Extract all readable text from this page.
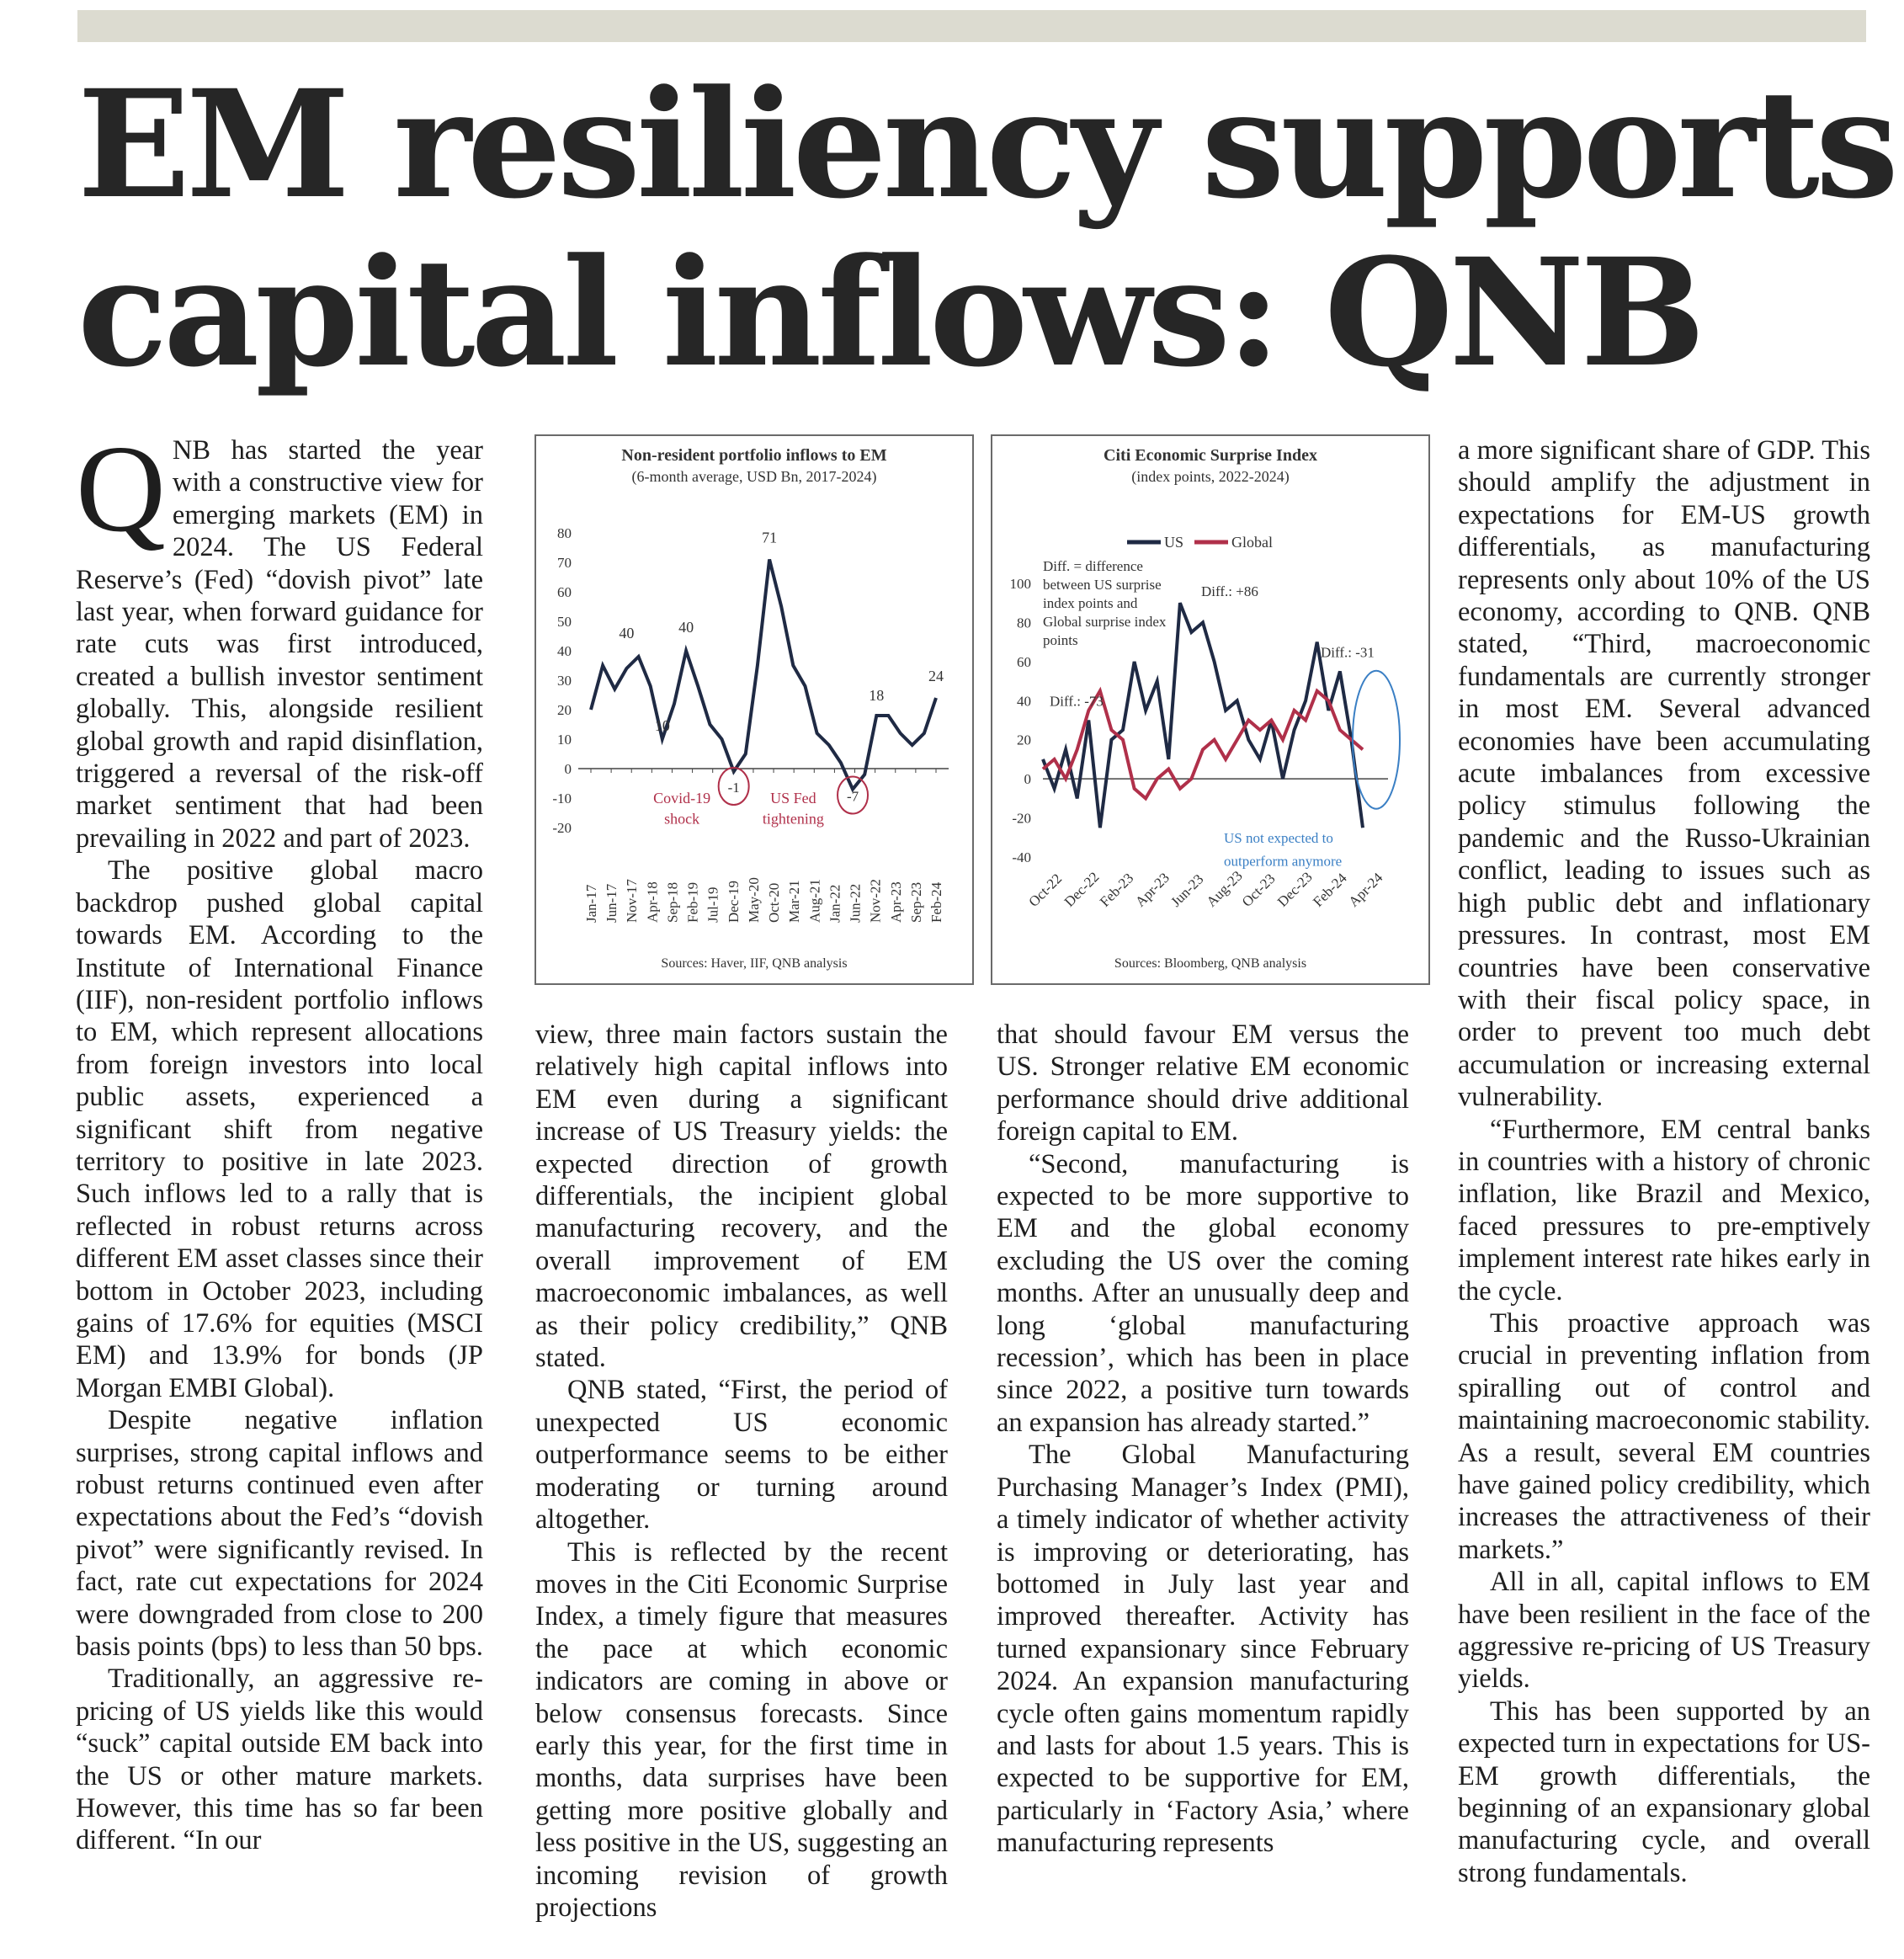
EM resiliency supports
capital inflows: QNB

QNB has started the year with a constructive view for emerging markets (EM) in 2024. The US Federal Reserve’s (Fed) “dovish pivot” late last year, when forward guidance for rate cuts was first introduced, created a bullish investor sentiment globally. This, alongside resilient global growth and rapid disinflation, triggered a reversal of the risk-off market sentiment that had been prevailing in 2022 and part of 2023.

The positive global macro backdrop pushed global capital towards EM. According to the Institute of International Finance (IIF), non-resident portfolio inflows to EM, which represent allocations from foreign investors into local public assets, experienced a significant shift from negative territory to positive in late 2023. Such inflows led to a rally that is reflected in robust returns across different EM asset classes since their bottom in October 2023, including gains of 17.6% for equities (MSCI EM) and 13.9% for bonds (JP Morgan EMBI Global).

Despite negative inflation surprises, strong capital inflows and robust returns continued even after expectations about the Fed’s “dovish pivot” were significantly revised. In fact, rate cut expectations for 2024 were downgraded from close to 200 basis points (bps) to less than 50 bps.

Traditionally, an aggressive re-pricing of US yields like this would “suck” capital outside EM back into the US or other mature markets. However, this time has so far been different. “In our

Non-resident portfolio inflows to EM
(6-month average, USD Bn, 2017-2024)
-20
-10
0
10
20
30
40
50
60
70
80
Jan-17 Jun-17 Nov-17 Apr-18 Sep-18 Feb-19 Jul-19 Dec-19 May-20 Oct-20 Mar-21 Aug-21 Jan-22 Jun-22 Nov-22 Apr-23 Sep-23 Feb-24
40	40
10
71
18
24
-1
-7
Covid-19
shock
US Fed
tightening
Sources: Haver, IIF, QNB analysis
Citi Economic Surprise Index
(index points, 2022-2024)
-40
-20
0
20
40
60
80
100
US	Global
Oct-22
Dec-22
Feb-23
Apr-23
Jun-23
Aug-23
Oct-23
Dec-23
Feb-24
Apr-24
Diff. = difference
between US surprise
index points and
Global surprise index
points
Diff.: -73
Diff.: +86
Diff.: -31
US not expected to
outperform anymore
Sources: Bloomberg, QNB analysis

view, three main factors sustain the relatively high capital inflows into EM even during a significant increase of US Treasury yields: the expected direction of growth differentials, the incipient global manufacturing recovery, and the overall improvement of EM macroeconomic imbalances, as well as their policy credibility,” QNB stated.

QNB stated, “First, the period of unexpected US economic outperformance seems to be either moderating or turning around altogether.

This is reflected by the recent moves in the Citi Economic Surprise Index, a timely figure that measures the pace at which economic indicators are coming in above or below consensus forecasts. Since early this year, for the first time in months, data surprises have been getting more positive globally and less positive in the US, suggesting an incoming revision of growth projections

that should favour EM versus the US. Stronger relative EM economic performance should drive additional foreign capital to EM.

“Second, manufacturing is expected to be more supportive to EM and the global economy excluding the US over the coming months. After an unusually deep and long ‘global manufacturing recession’, which has been in place since 2022, a positive turn towards an expansion has already started.”

The Global Manufacturing Purchasing Manager’s Index (PMI), a timely indicator of whether activity is improving or deteriorating, has bottomed in July last year and improved thereafter. Activity has turned expansionary since February 2024. An expansion manufacturing cycle often gains momentum rapidly and lasts for about 1.5 years. This is expected to be supportive for EM, particularly in ‘Factory Asia,’ where manufacturing represents

a more significant share of GDP. This should amplify the adjustment in expectations for EM-US growth differentials, as manufacturing represents only about 10% of the US economy, according to QNB. QNB stated, “Third, macroeconomic fundamentals are currently stronger in most EM. Several advanced economies have been accumulating acute imbalances from excessive policy stimulus following the pandemic and the Russo-Ukrainian conflict, leading to issues such as high public debt and inflationary pressures. In contrast, most EM countries have been conservative with their fiscal policy space, in order to prevent too much debt accumulation or increasing external vulnerability.

“Furthermore, EM central banks in countries with a history of chronic inflation, like Brazil and Mexico, faced pressures to pre-emptively implement interest rate hikes early in the cycle.

This proactive approach was crucial in preventing inflation from spiralling out of control and maintaining macroeconomic stability. As a result, several EM countries have gained policy credibility, which increases the attractiveness of their markets.”

All in all, capital inflows to EM have been resilient in the face of the aggressive re-pricing of US Treasury yields.

This has been supported by an expected turn in expectations for US-EM growth differentials, the beginning of an expansionary global manufacturing cycle, and overall strong fundamentals.
